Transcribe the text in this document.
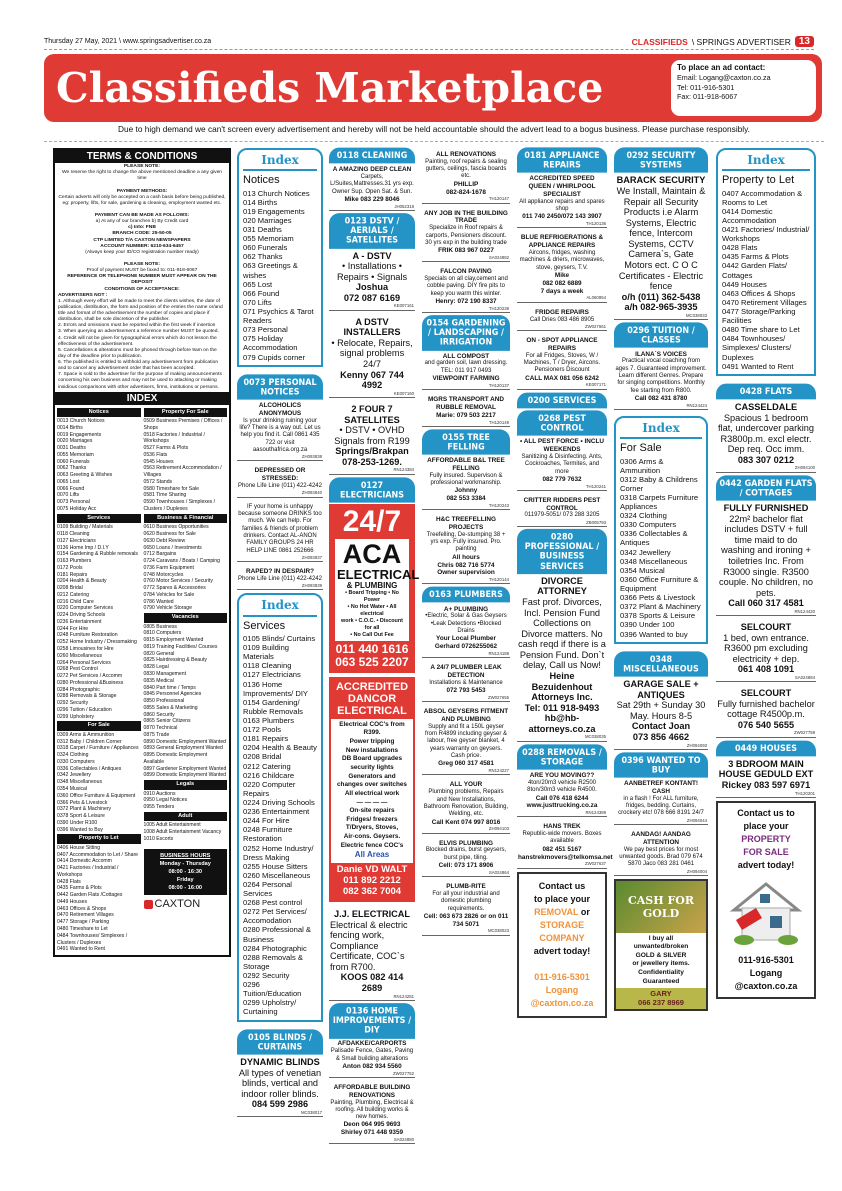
Thursday 27 May, 2021 \ www.springsadvertiser.co.za	CLASSIFIEDS \ SPRINGS ADVERTISER 13
Classifieds Marketplace	To place an ad contact:
Email: Logang@caxton.co.za
Tel: 011-916-5301
Fax: 011-918-6067
Due to high demand we can't screen every advertisement and hereby will not be held accountable should the advert lead to a bogus business. Please purchase responsibly.
TERMS & CONDITIONS
PLEASE NOTE:
We reserve the right to change the above mentioned deadline a any given time

PAYMENT METHODS:
Certain adverts will only be accepted on a cash basis before being published, eg: property, lifts, for sale, gardening & cleaning, employment wanted etc.

PAYMENT CAN BE MADE AS FOLLOWS:
a) At any of our branches b) By Credit card
c) Into: FNB
BRANCH CODE: 25-50-05
CTP LIMITED T/A CAXTON NEWSPAPERS
ACCOUNT NUMBER: 6210-634-6457
(Always keep your ID/CO registration number ready)

PLEASE NOTE:
Proof of payment MUST be faxed to: 011-918-6067
REFERENCE OR TELEPHONE NUMBER MUST APPEAR ON THE DEPOSIT
CONDITIONS OF ACCEPTANCE:
ADVERTISERS NOT :
1. Although every effort will be made to meet the clients wishes, the date of publication, distribution, the form and position of the entries the name or/and title and format of the advertisement the number of copies and place if distribution, shall be sole discretion of the publisher.
2. Errors and omissions must be reported within the first week if insertion
3. When querying an advertisement a reference number MUST be quoted.
4. Credit will not be given for typographical errors which do not lesson the effectiveness of the advertisement.
5. Cancellations & alterations must be phoned through before 9am on the day of the deadline prior to publication.
6. The published is entitled to withhold any advertisement from publication and to cancel any advertisement order that has been accepted.
7. Space is sold to the advertiser for the purpose of making announcements concerning his own business and may not be used to attacking or making insidious comparisons with other advertisers, firms, institutions or persons.
INDEX
Notices
0013 Church Notices
0014 Births
0019 Engagements
0020 Marriages
0031 Deaths
0055 Memoriam
0060 Funerals
0062 Thanks
0063 Greeting & Wishes
0065 Lost
0066 Found
0070 Lifts
0073 Personal
0075 Holiday Acc
Services
0109 Building / Materials
0118 Cleaning
0127 Electricians
0136 Home Imp / D.I.Y
0154 Gardening & Rubble removals
0163 Plumbers
0172 Pools
0181 Repairs
0204 Health & Beauty
0208 Bridal
0212 Catering
0216 Child Care
0220 Computer Services
0224 Driving Schools
0236 Entertainment
0244 For Hire
0248 Furniture Restoration
0252 Home Industry / Dressmaking
0258 Limousines for Hire
0260 Miscellaneous
0264 Personal Services
0268 Pest Control
0272 Pet Services / Accomm
0280 Professional &Business
0284 Photographic
0288 Removals & Storage
0292 Security
0296 Tuition / Education
0299 Upholstery
For Sale
0309 Arms & Ammunition
0312 Baby / Children Corner
0318 Carpet / Furniture / Appliances
0324 Clothing
0330 Computers
0336 Collectables / Antiques
0342 Jewellery
0348 Miscellaneous
0354 Musical
0360 Office Furniture & Equipment
0366 Pets & Livestock
0372 Plant & Machinery
0378 Sport & Leisure
0390 Under R100
0396 Wanted to Buy
Property to Let
0406 House Sitting
0407 Accommodation to Let / Share
0414 Domestic Accomm
0421 Factories / Industrial / Workshops
0428 Flats
0435 Farms & Plots
0442 Garden Flats /Cottages
0449 Houses
0463 Offices & Shops
0470 Retirement Villages
0477 Storage / Parking
0480 Timeshare to Let
0484 Townhouses/ Simplexes / Clusters / Duplexes
0491 Wanted to Rent
Property For Sale
0509 Business Premises / Offices / Shops
0518 Factories / Industrial / Workshops
0527 Farms & Plots
0536 Flats
0545 Houses
0563 Retirement Accommodation / Villages
0572 Stands
0580 Timeshare for Sale
0581 Time Sharing
0590 Townhouses / Simplexes / Clusters / Duplexes
Business & Financial
0610 Business Opportunities
0620 Business for Sale
0630 Debt Review
0650 Loans / Investments
0712 Bargains
0724 Caravans / Boats / Camping
0736 Farm Equipment
0748 Motorcycles
0760 Motor Services / Security
0772 Spares & Accessories
0784 Vehicles for Sale
0786 Wanted
0790 Vehicle Storage
Vacancies
0805 Business
0810 Computers
0815 Employment Wanted
0819 Training Facilities/ Courses
0820 General
0825 Hairdressing & Beauty
0828 Legal
0830 Management
0835 Medical
0840 Part time / Temps
0845 Personnel Agencies
0850 Professional
0855 Sales & Marketing
0860 Security
0865 Senior Citizens
0870 Technical
0875 Trade
0890 Domestic Employment Wanted
0893 General Employment Wanted
0895 Domestic Employment Available
0897 Gardener Employment Wanted
0899 Domestic Employment Wanted
Legals
0910 Auctions
0950 Legal Notices
0955 Tenders
Adult
1005 Adult Entertainment
1008 Adult Entertainment Vacancy
1010 Escorts
BUSINESS HOURS
Monday - Thursday
08:00 - 16:30
Friday
08:00 - 16:00
CAXTON
Index
Notices
013 Church Notices
014 Births
019 Engagements
020 Marriages
031 Deaths
055 Memoriam
060 Funerals
062 Thanks
063 Greetings & wishes
065 Lost
066 Found
070 Lifts
071 Psychics & Tarot Readers
073 Personal
075 Holiday Accommodation
079 Cupids corner
0073 PERSONAL NOTICES
ALCOHOLICS ANONYMOUS
Is your drinking ruining your life? There is a way out. Let us help you find it. Call 0861 435 722 or visit aasouthafrica.org.za
ZH093838
DEPRESSED OR STRESSED:
Phone Life Line (011) 422-4242
ZH093840
IF your home is unhappy because someone DRINKS too much. We can help. For families & friends of problem drinkers. Contact AL-ANON FAMILY GROUPS 24 HR HELP LINE 0861 252666
ZH093837
RAPED? IN DESPAIR?
Phone Life Line (011) 422-4242
ZH093839
Index
Services
0105 Blinds/ Curtains
0109 Building Materials
0118 Cleaning
0127 Electricians
0136 Home Improvements/ DIY
0154 Gardening/ Rubble Removals
0163 Plumbers
0172 Pools
0181 Repairs
0204 Health & Beauty
0208 Bridal
0212 Catering
0216 Childcare
0220 Computer Repairs
0224 Driving Schools
0236 Entertainment
0244 For Hire
0248 Furniture Restoration
0252 Home Industry/ Dress Making
0255 House Sitters
0260 Miscellaneous
0264 Personal Services
0268 Pest control
0272 Pet Services/ Accomodation
0280 Professional & Business
0284 Photographic
0288 Removals & Storage
0292 Security
0296 Tuition/Education
0299 Upholstry/ Curtaining
0105 BLINDS / CURTAINS
DYNAMIC BLINDS
All types of venetian blinds, vertical and indoor roller blinds.
084 599 2986
MC038017
0118 CLEANING
A AMAZING DEEP CLEAN
Carpets, L/Suites,Mattresses.31 yrs exp. Owner Sup. Open Sat. & Sun.
Mike 083 229 8046
JH052318
0123 DSTV / AERIALS / SATELLITES
A - DSTV
• Installations • Repairs • Signals
Joshua
072 087 6169
KE007161
A DSTV INSTALLERS
• Relocate, Repairs, signal problems 24/7
Kenny 067 744 4992
KE007160
2 FOUR 7 SATELLITES
• DSTV • OVHD Signals from R199
Springs/Brakpan
078-253-1269.
RN124384
0127 ELECTRICIANS
24/7
ACA
ELECTRICAL
& PLUMBING
• Board Tripping • No Power
• No Hot Water • All electrical
work • C.O.C. • Discount for all
• No Call Out Fee
011 440 1616
063 525 2207
ACCREDITED DANCOR ELECTRICAL
Electrical COC's from R399.
Power tripping
New installations
DB Board upgrades
security lights
Generators and
changes over switches
All electrical work
— — — —
On-site repairs
Fridges/ freezers
T/Dryers, Stoves,
Air-cons. Geysers.
Electric fence COC's
All Areas
Danie VD WALT
011 892 2212
082 362 7004
J.J. ELECTRICAL
Electrical & electric fencing work, Compliance Certificate, COC`s from R700.
KOOS 082 414 2689
RN124281
0136 HOME IMPROVEMENTS / DIY
AFDAKKE/CARPORTS
Palisade Fence, Gates, Paving & Small building alterations
Anton 082 934 5560
ZW027752
AFFORDABLE BUILDING RENOVATIONS
Painting, Plumbing, Electrical & roofing. All building works & new homes.
Deon 064 995 9693
Shirley 071 448 9359
SA024880
ALL RENOVATIONS
Painting, roof repairs & sealing gutters, ceilings, fascia boards etc.
PHILLIP
082-824-1678
TH120147
ANY JOB IN THE BUILDING TRADE
Specialize in Roof repairs & carports, Pensioners discount. 30 yrs exp in the building trade
FRIK 083 967 0227
SA024882
FALCON PAVING
Specials on all clay,cement and cobble paving. DIY fire pits to keep you warm this winter.
Henry: 072 190 8337
TH120239
0154 GARDENING / LANDSCAPING / IRRIGATION
ALL COMPOST
and garden soil, lawn dressing. TEL: 011 917 0493
VIEWPOINT FARMING
TH120137
MGRS TRANSPORT AND RUBBLE REMOVAL
Marie: 079 503 2217
TH120149
0155 TREE FELLING
AFFORDABLE B&L TREE FELLING
Fully insured. Supervison & professional workmanship.
Johnny
082 553 3384
TH120243
H&C TREEFELLING PROJECTS
Treefelling, De-stumping 38 + yrs exp. Fully insured. Pro. painting
All hours
Chris 082 716 5774
Owner supervision
TH120144
0163 PLUMBERS
A+ PLUMBING
•Electric, Solar & Gas Geysers •Leak Detections •Blocked Drains
Your Local Plumber
Gerhard 0726255062
RN124188
A 24/7 PLUMBER LEAK DETECTION
Installations & Maintenance
072 793 5453
ZW027655
ABSOL GEYSERS FITMENT AND PLUMBING
Supply and fit a 150L geyser from R4899 including geyser & labour, free geyser blanket, 4 years warranty on geysers. Cash price.
Greg 060 317 4581
RN124227
ALL YOUR
Plumbing problems, Repairs and New Installations, Bathroom Renovation, Building, Welding, etc.
Call Kent 074 997 8016
ZH094103
ELVIS PLUMBING
Blocked drains, burst geysers, burst pipe, tiling.
Cell: 073 171 8906
SA024864
PLUMB-RITE
For all your industrial and domestic plumbing requirements.
Cell: 063 673 2826 or on 011 734 5071
MC038023
0181 APPLIANCE REPAIRS
ACCREDITED SPEED QUEEN / WHIRLPOOL SPECIALIST
All appliance repairs and spares shop
011 740 2450/072 143 3907
TH120136
BLUE REFRIGERATIONS & APPLIANCE REPAIRS
Aircons, fridges, washing machines & driers, microwaves, stove, geysers, T.V.
Mike
082 082 6889
7 days a week
AL060954
FRIDGE REPAIRS
Call Dries 083 486 8905
ZW027661
ON - SPOT APPLIANCE REPAIRS
For all Fridges, Stoves, W / Machines, T / Dryer, Aircons. Pensioners Discount
CALL MAX 081 056 6242
KE007171
0200 SERVICES
0268 PEST CONTROL
• ALL PEST FORCE • INCLU WEEKENDS
Sanitizing & Disinfecting. Ants, Cockroaches, Termites, and more
082 779 7632
TH120241
CRITTER RIDDERS PEST CONTROL
011979-5051/ 073 288 3205
ZB005793
0280 PROFESSIONAL / BUSINESS SERVICES
DIVORCE ATTORNEY
Fast prof. Divorces, Incl. Pension Fund Collections on Divorce matters. No cash reqd if there is a Pension Fund. Don`t delay, Call us Now!
Heine Bezuidenhout Attorneys Inc.
Tel: 011 918-9493
hb@hb-attorneys.co.za
MC038035
0288 REMOVALS / STORAGE
ARE YOU MOVING??
4ton/20m3 vehicle R2500 8ton/30m3 vehicle R4500.
Call 076 418 6244
www.justtrucking.co.za
RN124389
HANS TREK
Republic-wide movers. Boxes available
082 451 5167
hanstrekmovers@telkomsa.net
ZW027637
Contact us
to place your
REMOVAL or
STORAGE
COMPANY
advert today!

011-916-5301
Logang
@caxton.co.za
0292 SECURITY SYSTEMS
BARACK SECURITY
We Install, Maintain & Repair all Security Products i.e Alarm Systems, Electric fence, Intercom Systems, CCTV Camera`s, Gate Motors ect. C O C Certificates - Electric fence
o/h (011) 362-5438
a/h 082-965-3935
MC038033
0296 TUITION / CLASSES
ILANA`S VOICES
Practical vocal coaching from ages 7. Guaranteed improvement. Learn different Genres. Prepare for singing competitions. Monthly fee starting from R800.
Call 082 431 8780
RN124424
Index
For Sale
0306 Arms & Ammunition
0312 Baby & Childrens Corner
0318 Carpets Furniture Appliances
0324 Clothing
0330 Computers
0336 Collectables & Antiques
0342 Jewellery
0348 Miscellaneous
0354 Musical
0360 Office Furniture & Equipment
0366 Pets & Livestock
0372 Plant & Machinery
0378 Sports & Leisure
0390 Under 100
0396 Wanted to buy
0348 MISCELLANEOUS
GARAGE SALE + ANTIQUES
Sat 29th + Sunday 30 May. Hours 8-5
Contact Joan
073 856 4662
ZH094093
0396 WANTED TO BUY
AANBETREF KONTANT! CASH
in a flash ! For ALL furniture, fridges, bedding. Curtains, crockery etc! 078 666 8191 24/7
ZH094044
AANDAG! AANDAG ATTENTION
We pay best prices for most unwanted goods. Brad 079 674 5870 Jaco 083 281 0461
ZH094004
CASH FOR GOLD
I buy all
unwanted/broken
GOLD & SILVER
or jewellery items.
Confidentiality
Guaranteed
GARY
066 237 8969
Index
Property to Let
0407 Accommodation & Rooms to Let
0414 Domestic Accommodation
0421 Factories/ Industrial/ Workshops
0428 Flats
0435 Farms & Plots
0442 Garden Flats/ Cottages
0449 Houses
0463 Offices & Shops
0470 Retirement Villages
0477 Storage/Parking Facilities
0480 Time share to Let
0484 Townhouses/ Simplexes/ Clusters/ Duplexes
0491 Wanted to Rent
0428 FLATS
CASSELDALE
Spacious 1 bedroom flat, undercover parking R3800p.m. excl electr. Dep req. Occ imm.
083 307 0212
ZH094100
0442 GARDEN FLATS / COTTAGES
FULLY FURNISHED
22m² bachelor flat includes DSTV + full time maid to do washing and ironing + toiletries Inc. From R3000 single. R3500 couple. No children, no pets.
Call 060 317 4581
RN124420
SELCOURT
1 bed, own entrance. R3600 pm excluding electricity + dep.
061 408 1091
SA024884
SELCOURT
Fully furnished bachelor cottage R4500p.m.
076 540 5655
ZW027759
0449 HOUSES
3 BDROOM MAIN HOUSE GEDULD EXT
Rickey 083 597 6971
TH120201
Contact us to
place your
PROPERTY
FOR SALE
advert today!
011-916-5301
Logang
@caxton.co.za
